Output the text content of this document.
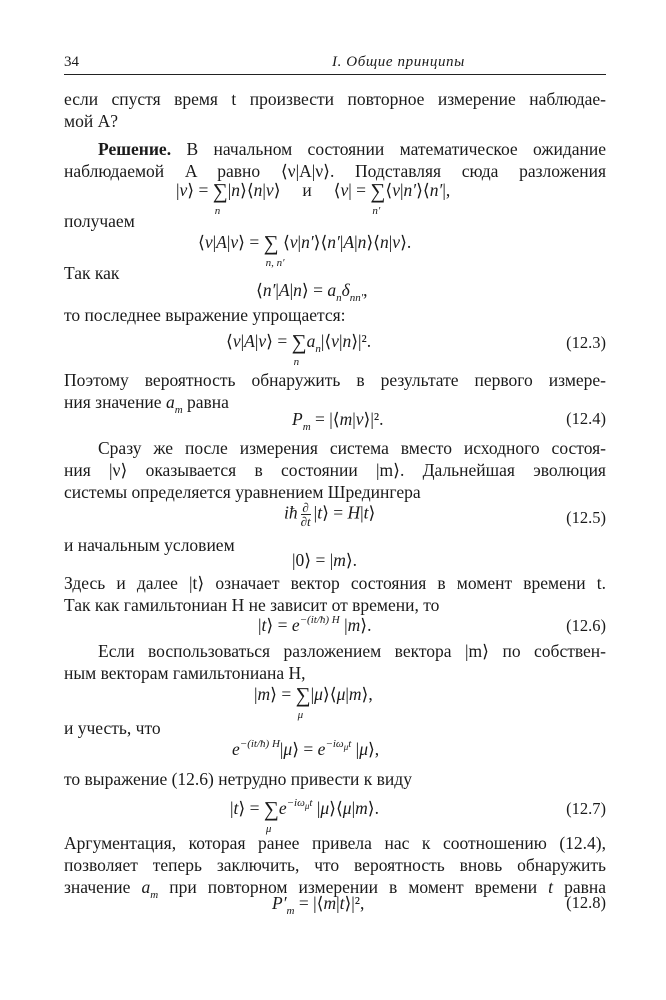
34	I. Общие принципы
если спустя время t произвести повторное измерение наблюдае-
мой A?
Решение. В начальном состоянии математическое ожидание
наблюдаемой A равно ⟨ν|A|ν⟩. Подставляя сюда разложения
|ν⟩ = ∑
n
|n⟩⟨n|ν⟩     и     ⟨ν| = ∑
n′
⟨ν|n′⟩⟨n′|,
получаем
⟨ν|A|ν⟩ = ∑
n, n′
⟨ν|n′⟩⟨n′|A|n⟩⟨n|ν⟩.
Так как
⟨n′|A|n⟩ = $a_n\delta_{nn'}$,
то последнее выражение упрощается:
⟨ν|A|ν⟩ = ∑
n
$a_n|⟨\nu|n⟩|^2$.	(12.3)
Поэтому вероятность обнаружить в результате первого измере-
ния значение $a_m$ равна
$P_m$ = |⟨m|ν⟩|².	(12.4)
Сразу же после измерения система вместо исходного состоя-
ния |ν⟩ оказывается в состоянии |m⟩. Дальнейшая эволюция
системы определяется уравнением Шредингера
iħ $\frac{\partial}{\partial t}$ |t⟩ = H|t⟩	(12.5)
и начальным условием
|0⟩ = |m⟩.
Здесь и далее |t⟩ означает вектор состояния в момент времени t.
Так как гамильтониан H не зависит от времени, то
|t⟩ = $e^{-(it/ħ) H}$ |m⟩.	(12.6)
Если воспользоваться разложением вектора |m⟩ по собствен-
ным векторам гамильтониана H,
|m⟩ = ∑
μ
|μ⟩⟨μ|m⟩,
и учесть, что
$e^{-(it/ħ) H}|\mu⟩ = e^{-i\omega_\mu t}$ |μ⟩,
то выражение (12.6) нетрудно привести к виду
|t⟩ = ∑
μ
$e^{-i\omega_\mu t}$ |μ⟩⟨μ|m⟩.	(12.7)
Аргументация, которая ранее привела нас к соотношению (12.4),
позволяет теперь заключить, что вероятность вновь обнаружить
значение $a_m$ при повторном измерении в момент времени t равна
$P'_m$ = |⟨m|t⟩|²,	(12.8)
